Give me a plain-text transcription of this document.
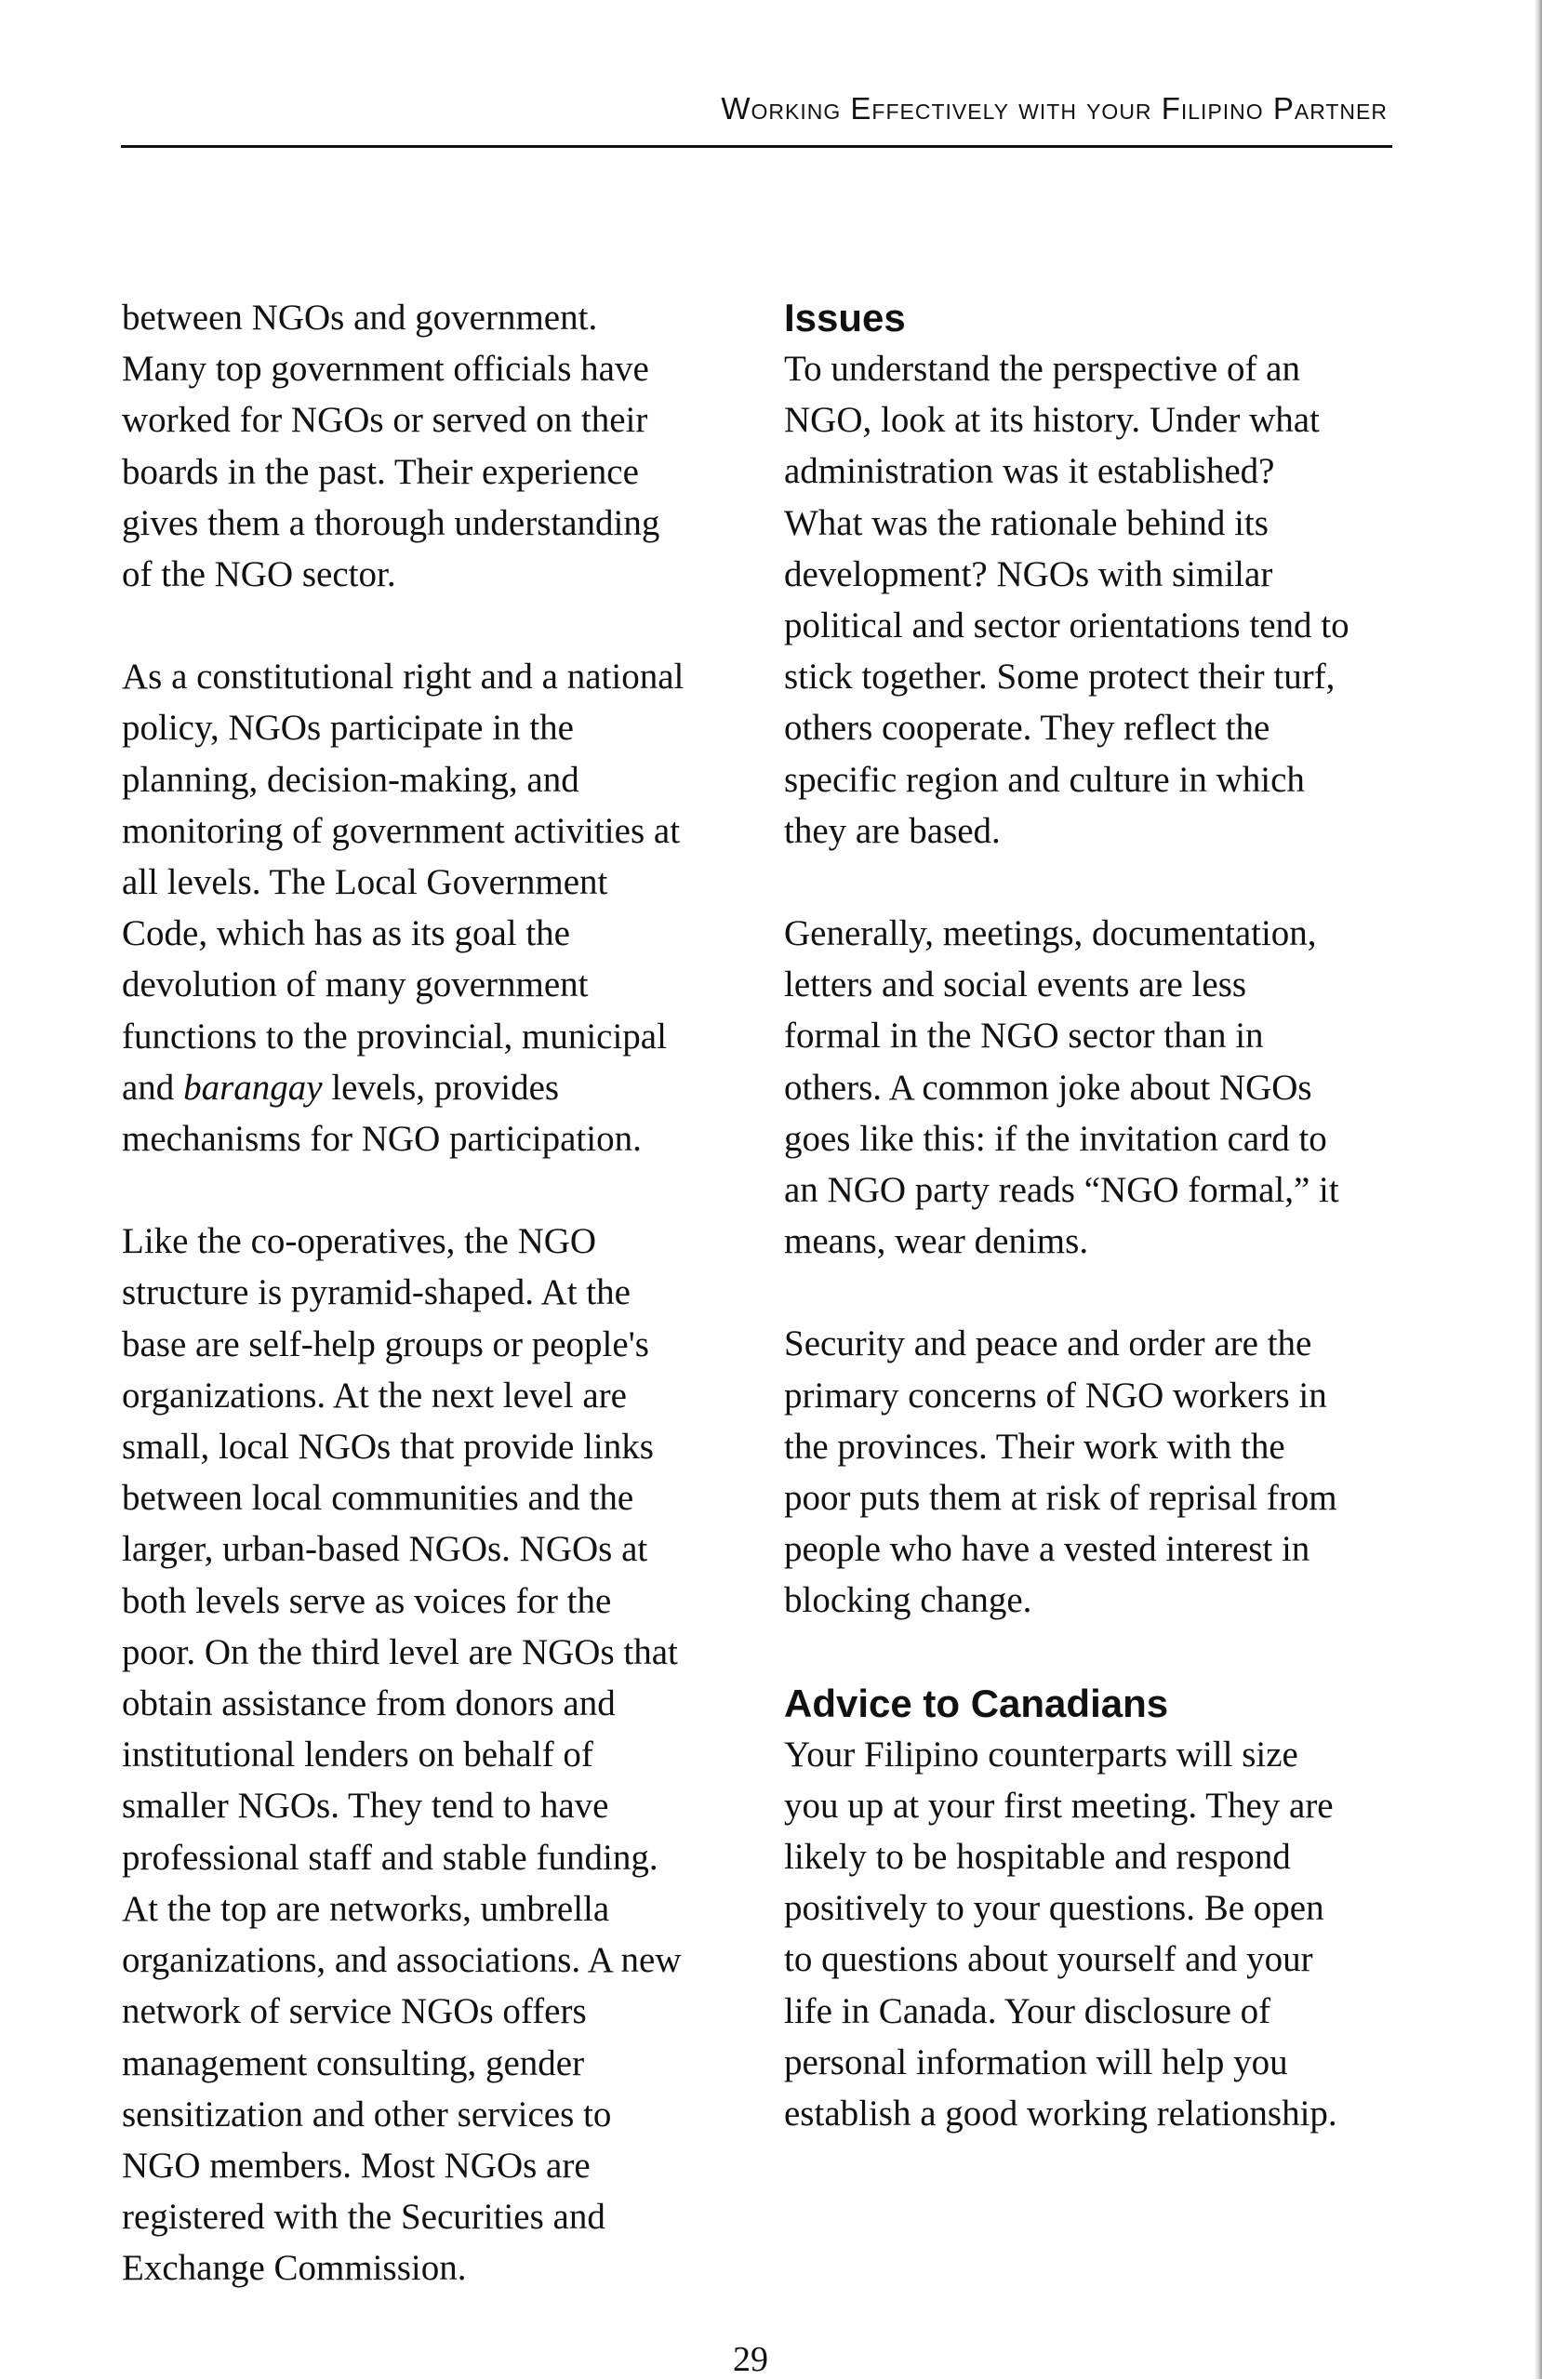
Working Effectively with your Filipino Partner

between NGOs and government.
Many top government officials have
worked for NGOs or served on their
boards in the past. Their experience
gives them a thorough understanding
of the NGO sector.

As a constitutional right and a national
policy, NGOs participate in the
planning, decision-making, and
monitoring of government activities at
all levels. The Local Government
Code, which has as its goal the
devolution of many government
functions to the provincial, municipal
and barangay levels, provides
mechanisms for NGO participation.

Like the co-operatives, the NGO
structure is pyramid-shaped. At the
base are self-help groups or people's
organizations. At the next level are
small, local NGOs that provide links
between local communities and the
larger, urban-based NGOs. NGOs at
both levels serve as voices for the
poor. On the third level are NGOs that
obtain assistance from donors and
institutional lenders on behalf of
smaller NGOs. They tend to have
professional staff and stable funding.
At the top are networks, umbrella
organizations, and associations. A new
network of service NGOs offers
management consulting, gender
sensitization and other services to
NGO members. Most NGOs are
registered with the Securities and
Exchange Commission.

Issues

To understand the perspective of an
NGO, look at its history. Under what
administration was it established?
What was the rationale behind its
development? NGOs with similar
political and sector orientations tend to
stick together. Some protect their turf,
others cooperate. They reflect the
specific region and culture in which
they are based.

Generally, meetings, documentation,
letters and social events are less
formal in the NGO sector than in
others. A common joke about NGOs
goes like this: if the invitation card to
an NGO party reads “NGO formal,” it
means, wear denims.

Security and peace and order are the
primary concerns of NGO workers in
the provinces. Their work with the
poor puts them at risk of reprisal from
people who have a vested interest in
blocking change.

Advice to Canadians

Your Filipino counterparts will size
you up at your first meeting. They are
likely to be hospitable and respond
positively to your questions. Be open
to questions about yourself and your
life in Canada. Your disclosure of
personal information will help you
establish a good working relationship.

29
